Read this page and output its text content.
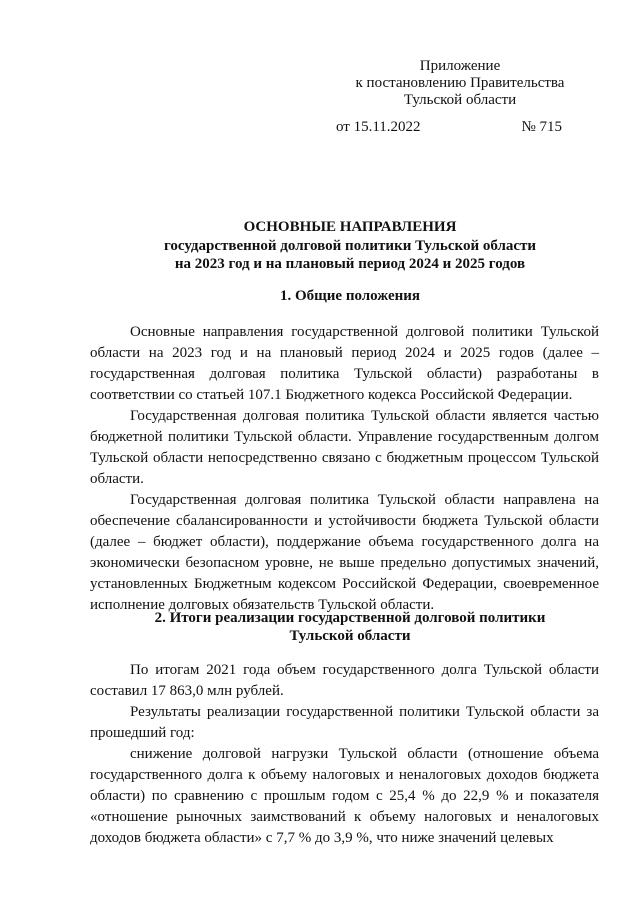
Приложение
к постановлению Правительства
Тульской области
от 15.11.2022	№ 715
ОСНОВНЫЕ НАПРАВЛЕНИЯ
государственной долговой политики Тульской области
на 2023 год и на плановый период 2024 и 2025 годов
1. Общие положения

Основные направления государственной долговой политики Тульской области на 2023 год и на плановый период 2024 и 2025 годов (далее – государственная долговая политика Тульской области) разработаны в соответствии со статьей 107.1 Бюджетного кодекса Российской Федерации.

Государственная долговая политика Тульской области является частью бюджетной политики Тульской области. Управление государственным долгом Тульской области непосредственно связано с бюджетным процессом Тульской области.

Государственная долговая политика Тульской области направлена на обеспечение сбалансированности и устойчивости бюджета Тульской области (далее – бюджет области), поддержание объема государственного долга на экономически безопасном уровне, не выше предельно допустимых значений, установленных Бюджетным кодексом Российской Федерации, своевременное исполнение долговых обязательств Тульской области.

2. Итоги реализации государственной долговой политики
Тульской области

По итогам 2021 года объем государственного долга Тульской области составил 17 863,0 млн рублей.

Результаты реализации государственной политики Тульской области за прошедший год:

снижение долговой нагрузки Тульской области (отношение объема государственного долга к объему налоговых и неналоговых доходов бюджета области) по сравнению с прошлым годом с 25,4 % до 22,9 % и показателя «отношение рыночных заимствований к объему налоговых и неналоговых доходов бюджета области» с 7,7 % до 3,9 %, что ниже значений целевых
